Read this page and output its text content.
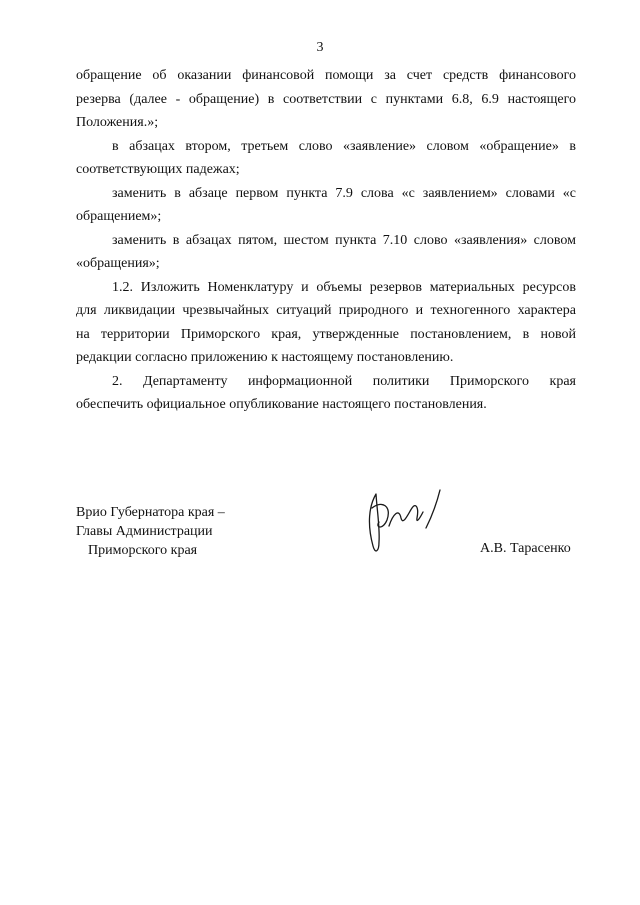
3

обращение об оказании финансовой помощи за счет средств финансового
резерва (далее - обращение) в соответствии с пунктами 6.8, 6.9 настоящего
Положения.»;

в абзацах втором, третьем слово «заявление» словом «обращение» в
соответствующих падежах;

заменить в абзаце первом пункта 7.9 слова «с заявлением» словами «с
обращением»;

заменить в абзацах пятом, шестом пункта 7.10 слово «заявления» словом
«обращения»;

1.2. Изложить Номенклатуру и объемы резервов материальных ресурсов
для ликвидации чрезвычайных ситуаций природного и техногенного характера
на территории Приморского края, утвержденные постановлением, в новой
редакции согласно приложению к настоящему постановлению.

2. Департаменту информационной политики Приморского края
обеспечить официальное опубликование настоящего постановления.

Врио Губернатора края –
Главы Администрации
Приморского края	А.В. Тарасенко
